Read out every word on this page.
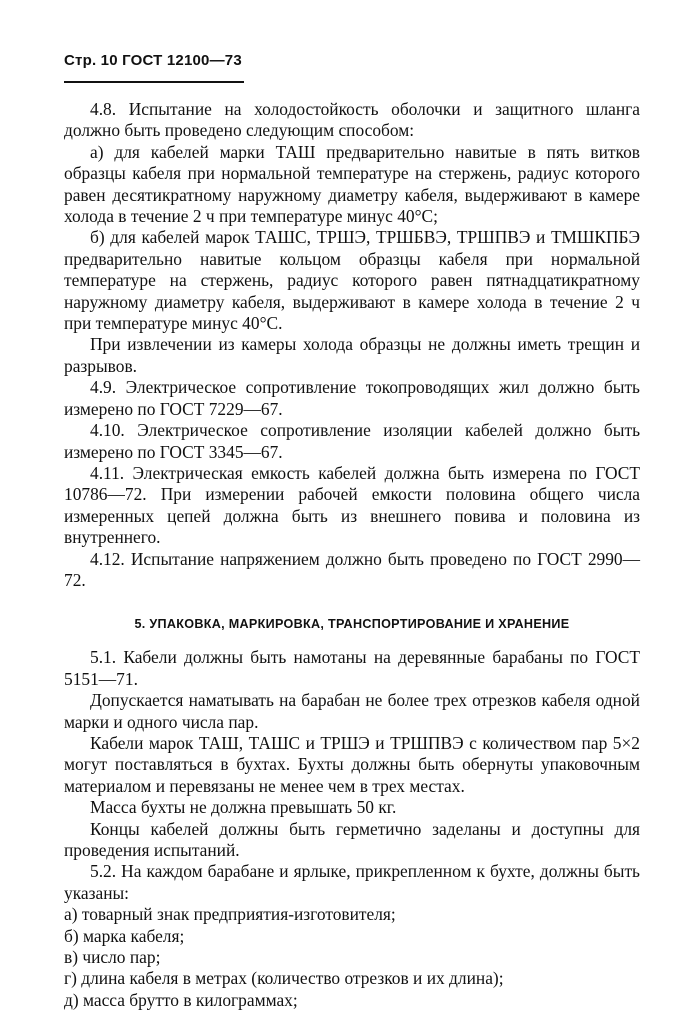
Стр. 10 ГОСТ 12100—73

4.8. Испытание на холодостойкость оболочки и защитного шланга должно быть проведено следующим способом:

а) для кабелей марки ТАШ предварительно навитые в пять витков образцы кабеля при нормальной температуре на стержень, радиус которого равен десятикратному наружному диаметру кабеля, выдерживают в камере холода в течение 2 ч при температуре минус 40°С;

б) для кабелей марок ТАШС, ТРШЭ, ТРШБВЭ, ТРШПВЭ и ТМШКПБЭ предварительно навитые кольцом образцы кабеля при нормальной температуре на стержень, радиус которого равен пятнадцатикратному наружному диаметру кабеля, выдерживают в камере холода в течение 2 ч при температуре минус 40°С.

При извлечении из камеры холода образцы не должны иметь трещин и разрывов.

4.9. Электрическое сопротивление токопроводящих жил должно быть измерено по ГОСТ 7229—67.

4.10. Электрическое сопротивление изоляции кабелей должно быть измерено по ГОСТ 3345—67.

4.11. Электрическая емкость кабелей должна быть измерена по ГОСТ 10786—72. При измерении рабочей емкости половина общего числа измеренных цепей должна быть из внешнего повива и половина из внутреннего.

4.12. Испытание напряжением должно быть проведено по ГОСТ 2990—72.

5. УПАКОВКА, МАРКИРОВКА, ТРАНСПОРТИРОВАНИЕ И ХРАНЕНИЕ

5.1. Кабели должны быть намотаны на деревянные барабаны по ГОСТ 5151—71.

Допускается наматывать на барабан не более трех отрезков кабеля одной марки и одного числа пар.

Кабели марок ТАШ, ТАШС и ТРШЭ и ТРШПВЭ с количеством пар 5×2 могут поставляться в бухтах. Бухты должны быть обернуты упаковочным материалом и перевязаны не менее чем в трех местах.

Масса бухты не должна превышать 50 кг.

Концы кабелей должны быть герметично заделаны и доступны для проведения испытаний.

5.2. На каждом барабане и ярлыке, прикрепленном к бухте, должны быть указаны:

а) товарный знак предприятия-изготовителя;

б) марка кабеля;

в) число пар;

г) длина кабеля в метрах (количество отрезков и их длина);

д) масса брутто в килограммах;
